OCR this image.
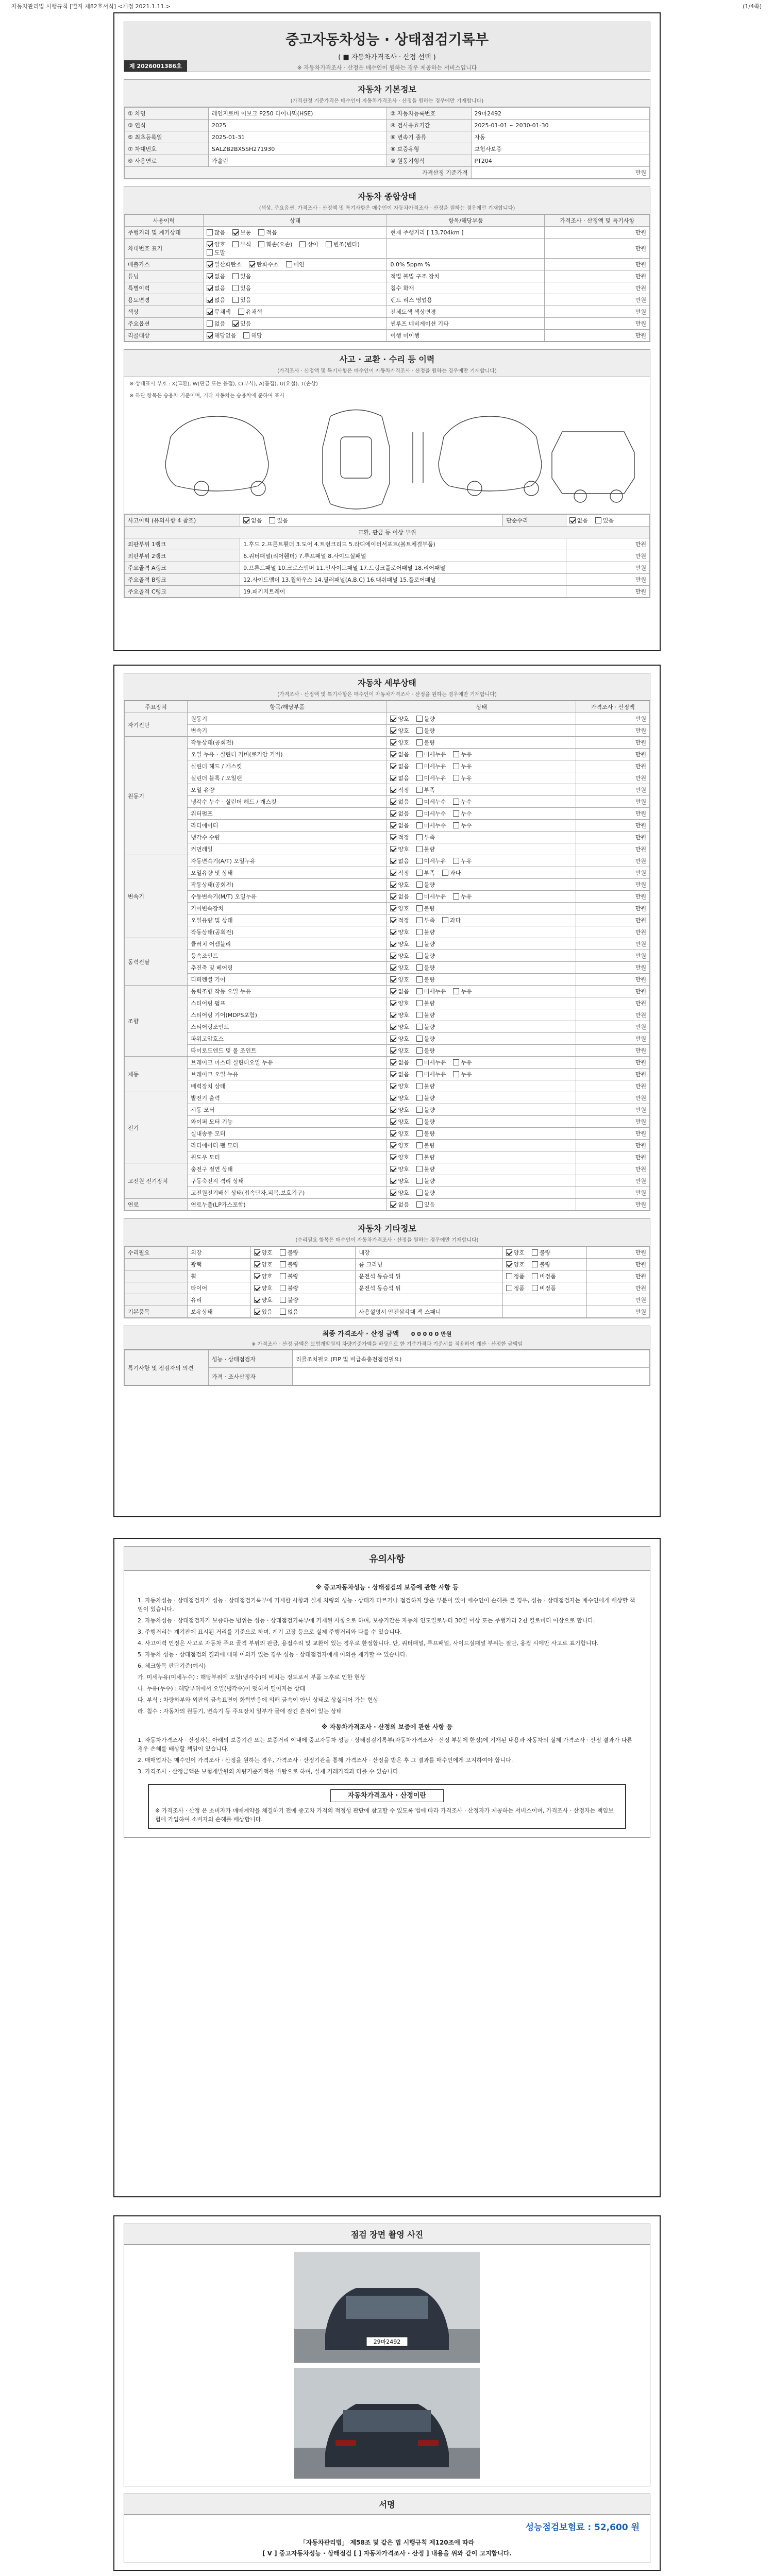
자동차관리법 시행규칙 [별지 제82호서식] <개정 2021.1.11.>	(1/4쪽)
중고자동차성능 · 상태점검기록부
( ■ 자동차가격조사 · 산정 선택 )
※ 자동차가격조사 · 산정은 매수인이 원하는 경우 제공하는 서비스입니다
제 2026001386호
자동차 기본정보
(가격산정 기준가격은 매수인이 자동차가격조사 · 산정을 원하는 경우에만 기재합니다)
① 차명	레인지로버 이보크 P250 다이나믹(HSE)	② 자동차등록번호	29마2492
③ 연식	2025	④ 검사유효기간	2025-01-01 ~ 2030-01-30
⑤ 최초등록일	2025-01-31	⑥ 변속기 종류	자동
⑦ 차대번호	SALZB2BX5SH271930	⑧ 보증유형	보험사보증
⑨ 사용연료	가솔린	⑩ 원동기형식	PT204
가격산정 기준가격			만원
자동차 종합상태
(색상, 주요옵션, 가격조사 · 산정액 및 특기사항은 매수인이 자동차가격조사 · 산정을 원하는 경우에만 기재합니다)
사용이력	상태	항목/해당부품	가격조사 · 산정액 및 특기사항
주행거리 및 계기상태	많음 보통 적음	현재 주행거리 [ 13,704km ]	만원
차대번호 표기	양호 부식 훼손(오손) 상이 변조(변타)도말		만원
배출가스	일산화탄소 탄화수소 매연	0.0% 5ppm %	만원
튜닝	없음 있음	적법 불법 구조 장치	만원
특별이력	없음 있음	침수 화재	만원
용도변경	없음 있음	렌트 리스 영업용	만원
색상	무채색 유채색	전체도색 색상변경	만원
주요옵션	없음 있음	썬루프 네비게이션 기타	만원
리콜대상	해당없음 해당	이행 미이행	만원
사고 · 교환 · 수리 등 이력
(가격조사 · 산정액 및 특기사항은 매수인이 자동차가격조사 · 산정을 원하는 경우에만 기재합니다)
※ 상태표시 부호 : X(교환), W(판금 또는 용접), C(부식), A(흠집), U(요철), T(손상)
※ 하단 항목은 승용차 기준이며, 기타 자동차는 승용차에 준하여 표시
사고이력 (유의사항 4 참조)	없음 있음	단순수리	없음 있음
교환, 판금 등 이상 부위			
외판부위 1랭크	1.후드 2.프론트휀더 3.도어 4.트렁크리드 5.라디에이터서포트(볼트체결부품)		만원
외판부위 2랭크	6.쿼터패널(리어휀더) 7.루프패널 8.사이드실패널		만원
주요골격 A랭크	9.프론트패널 10.크로스멤버 11.인사이드패널 17.트렁크플로어패널 18.리어패널		만원
주요골격 B랭크	12.사이드멤버 13.휠하우스 14.필러패널(A,B,C) 16.대쉬패널 15.플로어패널		만원
주요골격 C랭크	19.패키지트레이		만원
자동차 세부상태
(가격조사 · 산정액 및 특기사항은 매수인이 자동차가격조사 · 산정을 원하는 경우에만 기재합니다)
주요장치	항목/해당부품	상태	가격조사 · 산정액
자기진단	원동기	양호 불량	만원
	변속기	양호 불량	만원
원동기	작동상태(공회전)	양호 불량	만원
	오일 누유 · 실린더 커버(로커암 커버)	없음 미세누유 누유	만원
	실린더 헤드 / 개스킷	없음 미세누유 누유	만원
	실린더 블록 / 오일팬	없음 미세누유 누유	만원
	오일 유량	적정 부족	만원
	냉각수 누수 · 실린더 헤드 / 개스킷	없음 미세누수 누수	만원
	워터펌프	없음 미세누수 누수	만원
	라디에이터	없음 미세누수 누수	만원
	냉각수 수량	적정 부족	만원
	커먼레일	양호 불량	만원
변속기	자동변속기(A/T) 오일누유	없음 미세누유 누유	만원
	오일유량 및 상태	적정 부족 과다	만원
	작동상태(공회전)	양호 불량	만원
	수동변속기(M/T) 오일누유	없음 미세누유 누유	만원
	기어변속장치	양호 불량	만원
	오일유량 및 상태	적정 부족 과다	만원
	작동상태(공회전)	양호 불량	만원
동력전달	클러치 어셈블리	양호 불량	만원
	등속조인트	양호 불량	만원
	추진축 및 베어링	양호 불량	만원
	디퍼렌셜 기어	양호 불량	만원
조향	동력조향 작동 오일 누유	없음 미세누유 누유	만원
	스티어링 펌프	양호 불량	만원
	스티어링 기어(MDPS포함)	양호 불량	만원
	스티어링조인트	양호 불량	만원
	파워고압호스	양호 불량	만원
	타이로드엔드 및 볼 조인트	양호 불량	만원
제동	브레이크 마스터 실린더오일 누유	없음 미세누유 누유	만원
	브레이크 오일 누유	없음 미세누유 누유	만원
	배력장치 상태	양호 불량	만원
전기	발전기 출력	양호 불량	만원
	시동 모터	양호 불량	만원
	와이퍼 모터 기능	양호 불량	만원
	실내송풍 모터	양호 불량	만원
	라디에이터 팬 모터	양호 불량	만원
	윈도우 모터	양호 불량	만원
고전원 전기장치	충전구 절연 상태	양호 불량	만원
	구동축전지 격리 상태	양호 불량	만원
	고전원전기배선 상태(접속단자,피복,보호기구)	양호 불량	만원
연료	연료누출(LP가스포함)	없음 있음	만원
자동차 기타정보
(수리필요 항목은 매수인이 자동차가격조사 · 산정을 원하는 경우에만 기재합니다)
수리필요	외장	양호 불량	내장	양호 불량	만원
	광택	양호 불량	룸 크리닝	양호 불량	만원
	휠	양호 불량	운전석 동승석 뒤	정품 비정품	만원
	타이어	양호 불량	운전석 동승석 뒤	정품 비정품	만원
	유리	양호 불량			만원
기본품목	보유상태	있음 없음	사용설명서 안전삼각대 잭 스패너		만원
최종 가격조사 · 산정 금액 0 0 0 0 0 만원
※ 가격조사 · 산정 금액은 보험개발원의 차량기준가액을 바탕으로 한 기준가격과 기준서를 적용하여 계산 · 산정한 금액임
특기사항 및 점검자의 의견	성능 · 상태점검자	리콜조치필요 (FIP 및 비급속충전점검필요)
	가격 · 조사산정자	
유의사항
※ 중고자동차성능 · 상태점검의 보증에 관한 사항 등

1. 자동차성능 · 상태점검자가 성능 · 상태점검기록부에 기재한 사항과 실제 차량의 성능 · 상태가 다르거나 점검하지 않은 부분이 있어 매수인이 손해를 본 경우, 성능 · 상태점검자는 매수인에게 배상할 책임이 있습니다.

2. 자동차성능 · 상태점검자가 보증하는 범위는 성능 · 상태점검기록부에 기재된 사항으로 하며, 보증기간은 자동차 인도일로부터 30일 이상 또는 주행거리 2천 킬로미터 이상으로 합니다.

3. 주행거리는 계기판에 표시된 거리를 기준으로 하며, 계기 고장 등으로 실제 주행거리와 다를 수 있습니다.

4. 사고이력 인정은 사고로 자동차 주요 골격 부위의 판금, 용접수리 및 교환이 있는 경우로 한정합니다. 단, 쿼터패널, 루프패널, 사이드실패널 부위는 절단, 용접 시에만 사고로 표기합니다.

5. 자동차 성능 · 상태점검의 결과에 대해 이의가 있는 경우 성능 · 상태점검자에게 이의를 제기할 수 있습니다.

6. 체크항목 판단기준(예시)

가. 미세누유(미세누수) : 해당부위에 오일(냉각수)이 비치는 정도로서 부품 노후로 인한 현상

나. 누유(누수) : 해당부위에서 오일(냉각수)이 맺혀서 떨어지는 상태

다. 부식 : 차량하부와 외판의 금속표면이 화학반응에 의해 금속이 아닌 상태로 상실되어 가는 현상

라. 침수 : 자동차의 원동기, 변속기 등 주요장치 일부가 물에 잠긴 흔적이 있는 상태

※ 자동차가격조사 · 산정의 보증에 관한 사항 등

1. 자동차가격조사 · 산정자는 아래의 보증기간 또는 보증거리 이내에 중고자동차 성능 · 상태점검기록부(자동차가격조사 · 산정 부분에 한정)에 기재된 내용과 자동차의 실제 가격조사 · 산정 결과가 다른 경우 손해를 배상할 책임이 있습니다.

2. 매매업자는 매수인이 가격조사 · 산정을 원하는 경우, 가격조사 · 산정기관을 통해 가격조사 · 산정을 받은 후 그 결과를 매수인에게 고지하여야 합니다.

3. 가격조사 · 산정금액은 보험개발원의 차량기준가액을 바탕으로 하며, 실제 거래가격과 다를 수 있습니다.

자동차가격조사 · 산정이란
※ 가격조사 · 산정 은 소비자가 매매계약을 체결하기 전에 중고차 가격의 적정성 판단에 참고할 수 있도록 법에 따라 가격조사 · 산정자가 제공하는 서비스이며, 가격조사 · 산정자는 책임보험에 가입하여 소비자의 손해를 배상합니다.
점검 장면 촬영 사진
29마2492
서명
성능점검보험료 : 52,600 원
「자동차관리법」 제58조 및 같은 법 시행규칙 제120조에 따라
[ V ] 중고자동차성능 · 상태점검 [ ] 자동차가격조사 · 산정 ] 내용을 위와 같이 고지합니다.
